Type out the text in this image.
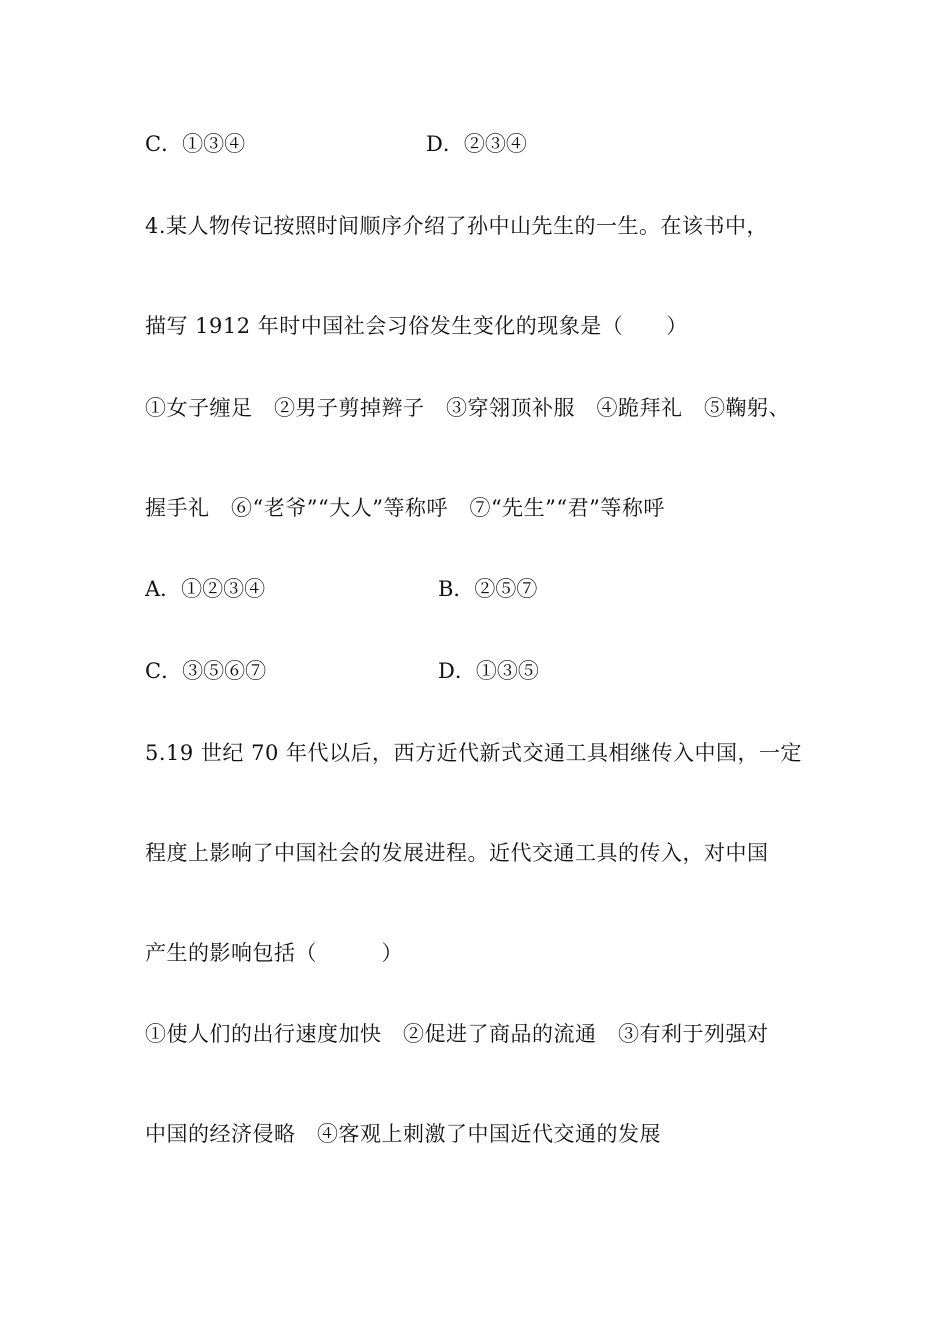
C．①③④	D．②③④
4.某人物传记按照时间顺序介绍了孙中山先生的一生。在该书中，
描写 1912 年时中国社会习俗发生变化的现象是（　　）
①女子缠足　②男子剪掉辫子　③穿翎顶补服　④跪拜礼　⑤鞠躬、
握手礼　⑥“老爷”“大人”等称呼　⑦“先生”“君”等称呼
A．①②③④	B．②⑤⑦
C．③⑤⑥⑦	D．①③⑤
5.19 世纪 70 年代以后，西方近代新式交通工具相继传入中国，一定
程度上影响了中国社会的发展进程。近代交通工具的传入，对中国
产生的影响包括（　　　）
①使人们的出行速度加快　②促进了商品的流通　③有利于列强对
中国的经济侵略　④客观上刺激了中国近代交通的发展
